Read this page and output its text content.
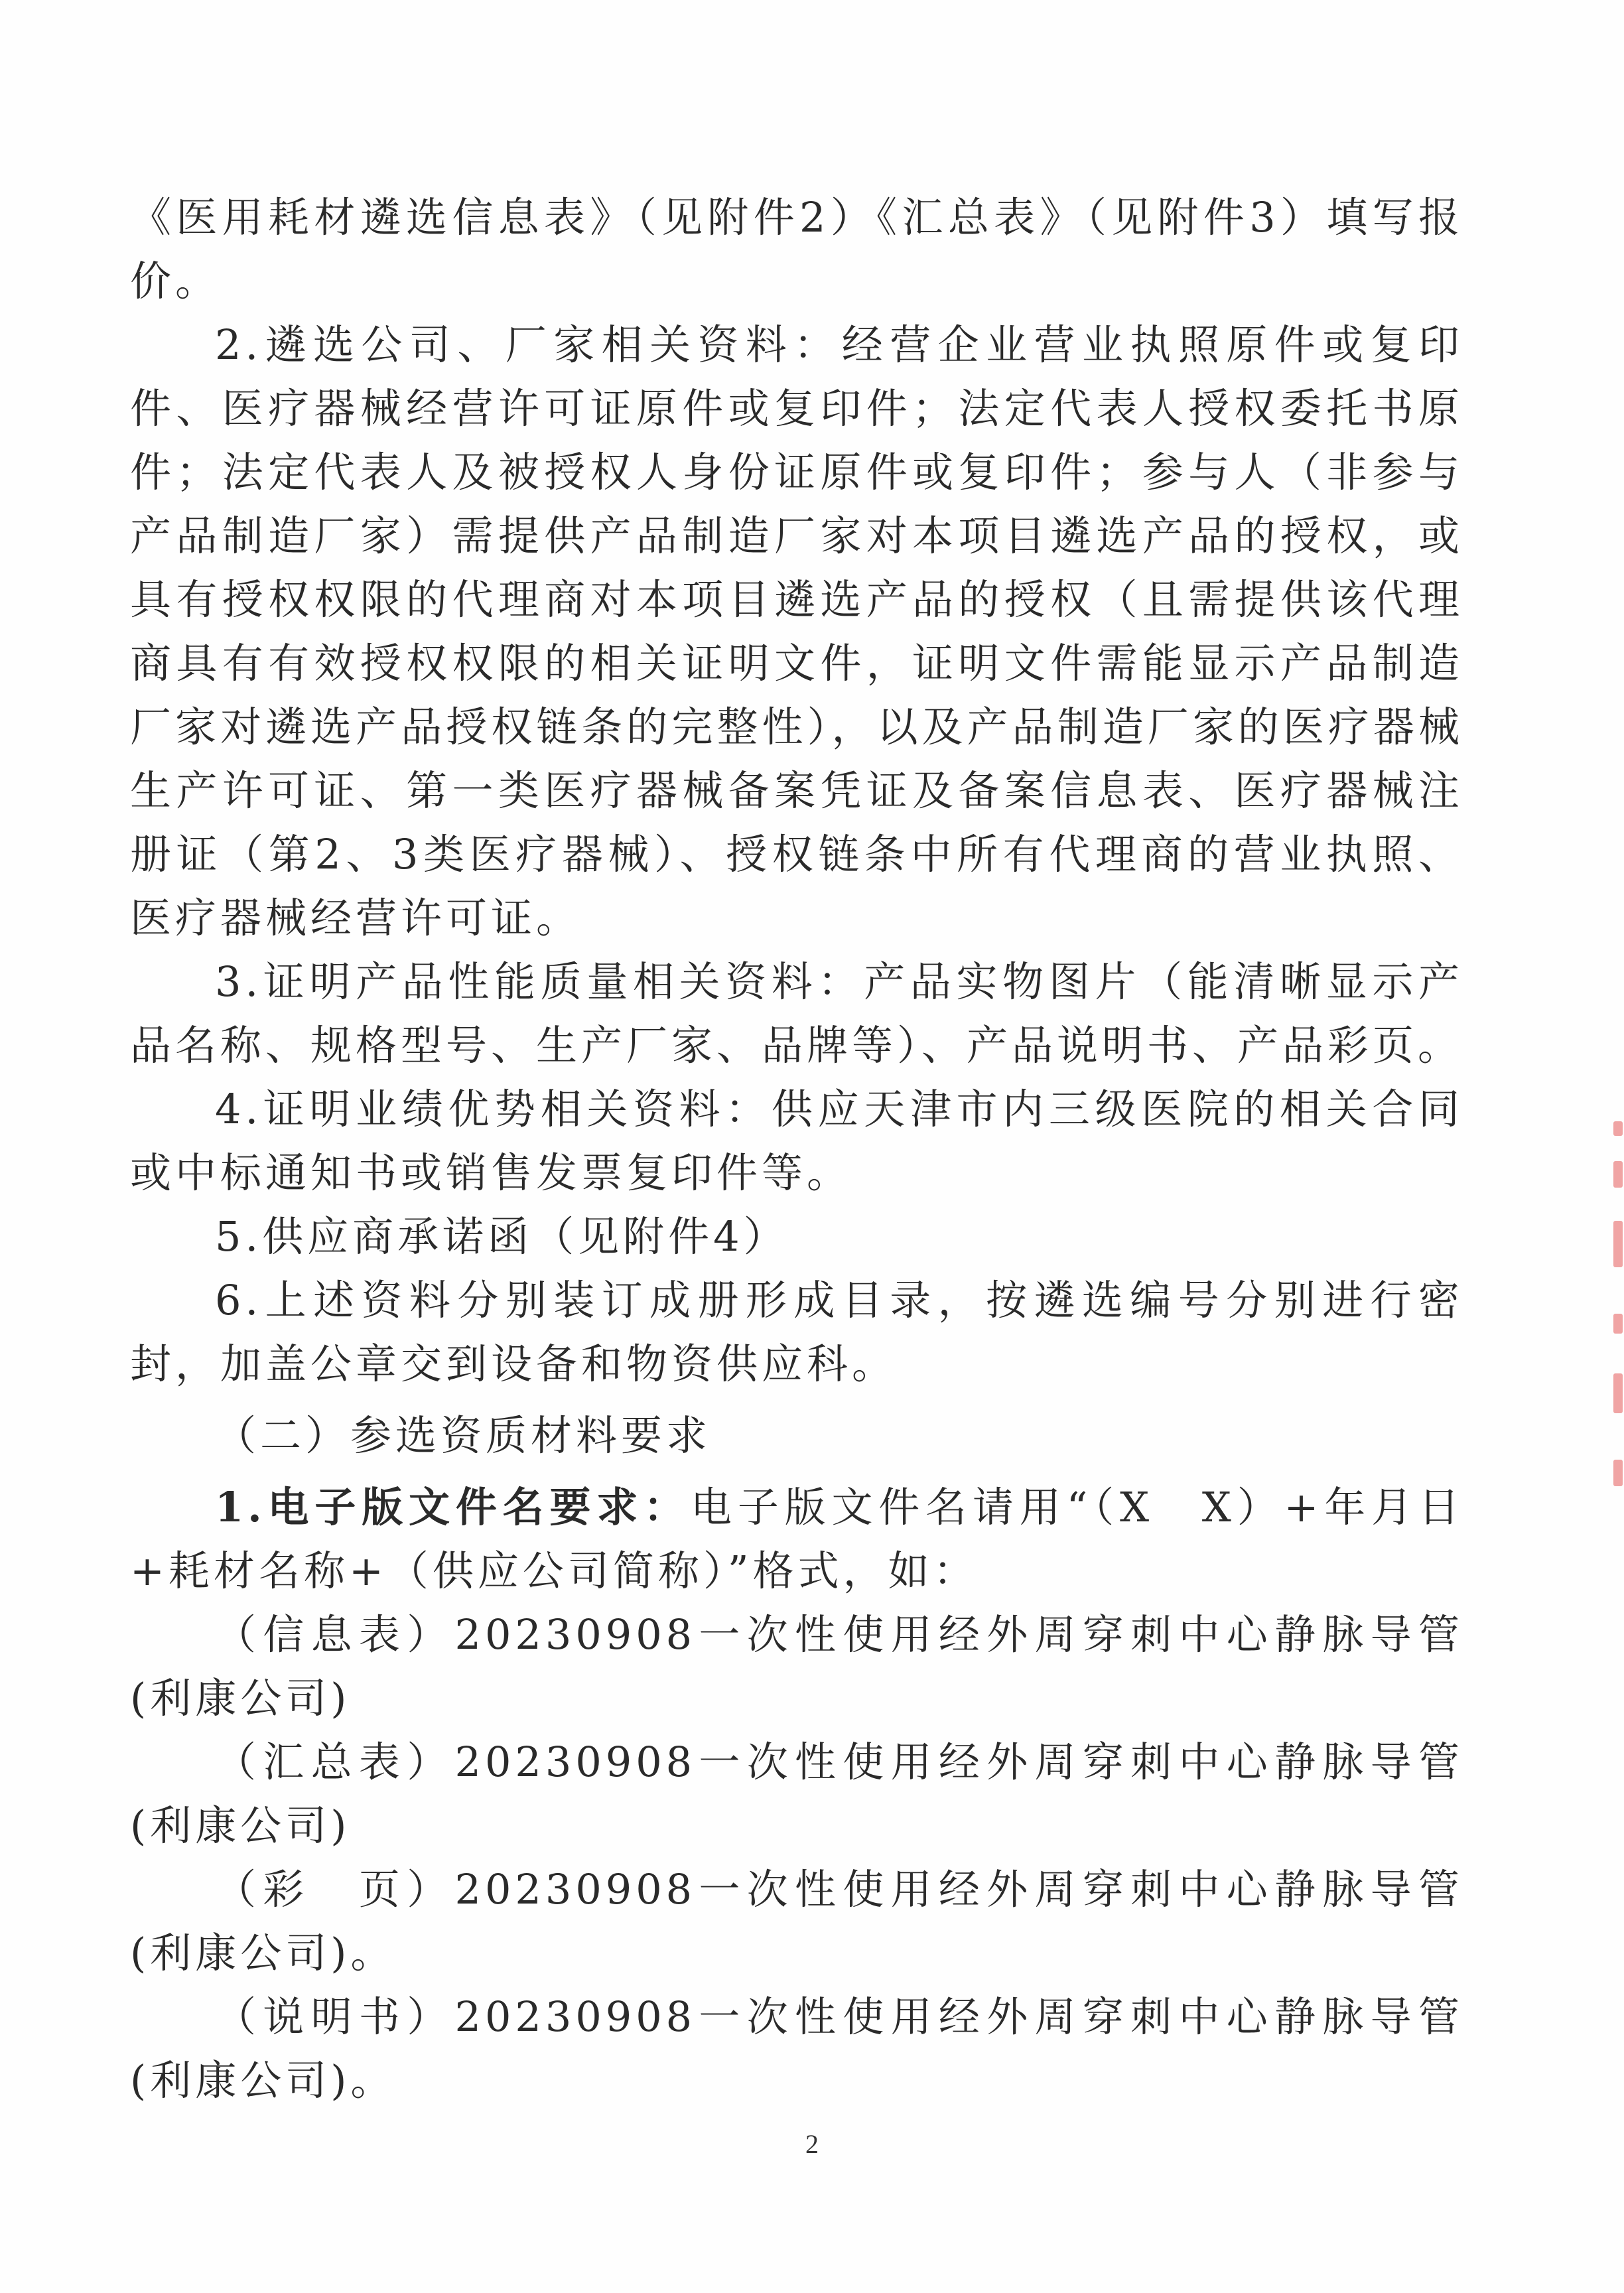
《医用耗材遴选信息表》（见附件2）《汇总表》（见附件3）填写报价。

2.遴选公司、厂家相关资料：经营企业营业执照原件或复印件、医疗器械经营许可证原件或复印件；法定代表人授权委托书原件；法定代表人及被授权人身份证原件或复印件；参与人（非参与产品制造厂家）需提供产品制造厂家对本项目遴选产品的授权，或具有授权权限的代理商对本项目遴选产品的授权（且需提供该代理商具有有效授权权限的相关证明文件，证明文件需能显示产品制造厂家对遴选产品授权链条的完整性），以及产品制造厂家的医疗器械生产许可证、第一类医疗器械备案凭证及备案信息表、医疗器械注册证（第2、3类医疗器械）、授权链条中所有代理商的营业执照、医疗器械经营许可证。

3.证明产品性能质量相关资料：产品实物图片（能清晰显示产品名称、规格型号、生产厂家、品牌等）、产品说明书、产品彩页。

4.证明业绩优势相关资料：供应天津市内三级医院的相关合同或中标通知书或销售发票复印件等。

5.供应商承诺函（见附件4）

6.上述资料分别装订成册形成目录，按遴选编号分别进行密封，加盖公章交到设备和物资供应科。

（二）参选资质材料要求

1.电子版文件名要求：电子版文件名请用“（X　X）+年月日+耗材名称+（供应公司简称）”格式，如：

（信息表）20230908一次性使用经外周穿刺中心静脉导管(利康公司)

（汇总表）20230908一次性使用经外周穿刺中心静脉导管(利康公司)

（彩　页）20230908一次性使用经外周穿刺中心静脉导管(利康公司)。

（说明书）20230908一次性使用经外周穿刺中心静脉导管(利康公司)。

2
